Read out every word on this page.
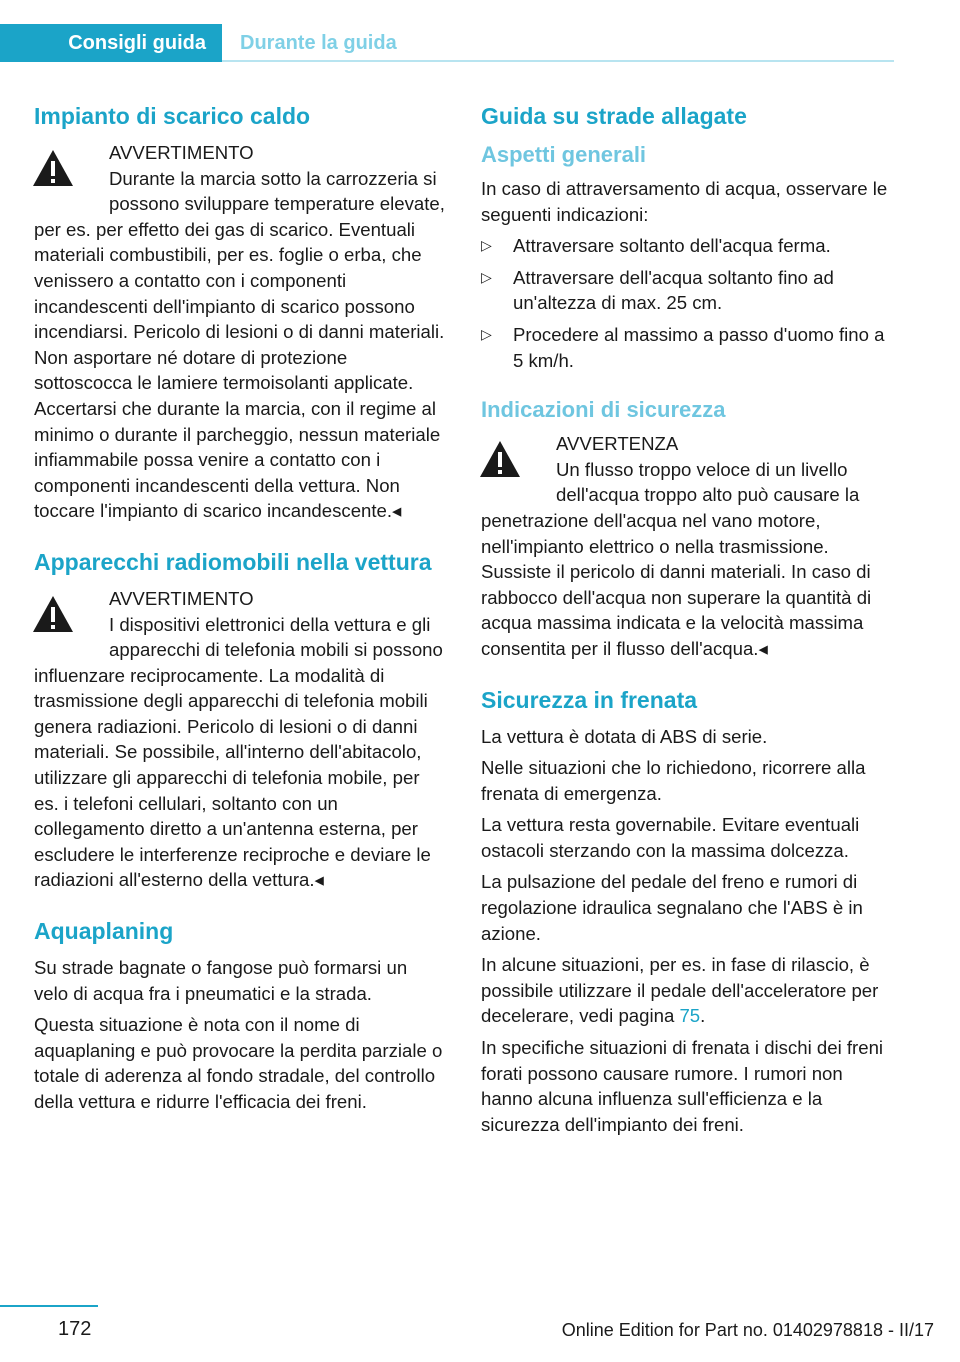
Consigli guida	Durante la guida
Impianto di scarico caldo
AVVERTIMENTO
Durante la marcia sotto la carrozzeria si possono sviluppare temperature elevate, per es. per effetto dei gas di scarico. Eventuali materiali combustibili, per es. foglie o erba, che venissero a contatto con i componenti incandescenti dell'impianto di scarico possono incendiarsi. Pericolo di lesioni o di danni materiali. Non asportare né dotare di protezione sottoscocca le lamiere termoisolanti applicate. Accertarsi che durante la marcia, con il regime al minimo o durante il parcheggio, nessun materiale infiammabile possa venire a contatto con i componenti incandescenti della vettura. Non toccare l'impianto di scarico incandescente.◂
Apparecchi radiomobili nella vettura
AVVERTIMENTO
I dispositivi elettronici della vettura e gli apparecchi di telefonia mobili si possono influenzare reciprocamente. La modalità di trasmissione degli apparecchi di telefonia mobili genera radiazioni. Pericolo di lesioni o di danni materiali. Se possibile, all'interno dell'abitacolo, utilizzare gli apparecchi di telefonia mobile, per es. i telefoni cellulari, soltanto con un collegamento diretto a un'antenna esterna, per escludere le interferenze reciproche e deviare le radiazioni all'esterno della vettura.◂
Aquaplaning

Su strade bagnate o fangose può formarsi un velo di acqua fra i pneumatici e la strada.

Questa situazione è nota con il nome di aquaplaning e può provocare la perdita parziale o totale di aderenza al fondo stradale, del controllo della vettura e ridurre l'efficacia dei freni.

Guida su strade allagate
Aspetti generali

In caso di attraversamento di acqua, osservare le seguenti indicazioni:

▷ Attraversare soltanto dell'acqua ferma.
▷ Attraversare dell'acqua soltanto fino ad un'altezza di max. 25 cm.
▷ Procedere al massimo a passo d'uomo fino a 5 km/h.
Indicazioni di sicurezza
AVVERTENZA
Un flusso troppo veloce di un livello dell'acqua troppo alto può causare la penetrazione dell'acqua nel vano motore, nell'impianto elettrico o nella trasmissione. Sussiste il pericolo di danni materiali. In caso di rabbocco dell'acqua non superare la quantità di acqua massima indicata e la velocità massima consentita per il flusso dell'acqua.◂
Sicurezza in frenata

La vettura è dotata di ABS di serie.

Nelle situazioni che lo richiedono, ricorrere alla frenata di emergenza.

La vettura resta governabile. Evitare eventuali ostacoli sterzando con la massima dolcezza.

La pulsazione del pedale del freno e rumori di regolazione idraulica segnalano che l'ABS è in azione.

In alcune situazioni, per es. in fase di rilascio, è possibile utilizzare il pedale dell'acceleratore per decelerare, vedi pagina 75.

In specifiche situazioni di frenata i dischi dei freni forati possono causare rumore. I rumori non hanno alcuna influenza sull'efficienza e la sicurezza dell'impianto dei freni.

172	Online Edition for Part no. 01402978818 - II/17
